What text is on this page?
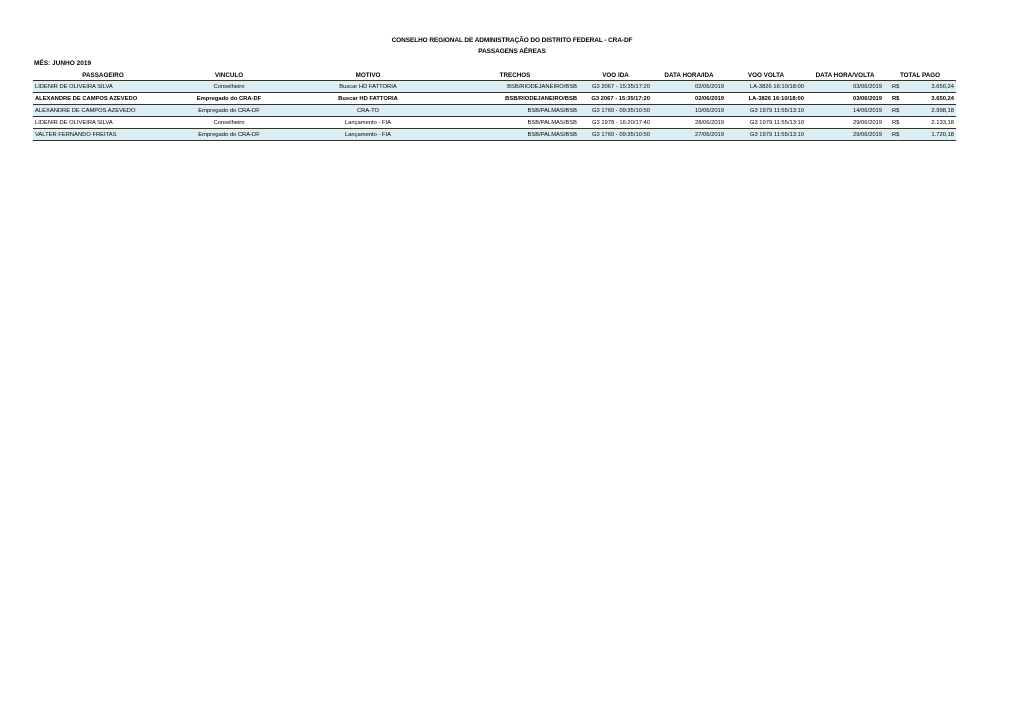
CONSELHO REGIONAL DE ADMINISTRAÇÃO DO DISTRITO FEDERAL - CRA-DF
PASSAGENS AÉREAS
MÊS: JUNHO 2019
PASSAGEIRO	VINCULO	MOTIVO	TRECHOS	VOO IDA	DATA HORA/IDA	VOO VOLTA	DATA HORA/VOLTA	TOTAL PAGO
LIDENIR DE OLIVEIRA SILVA	Conselheiro	Buscar HD FATTORIA	BSB/RIODEJANEIRO/BSB	G3 2067 - 15:35/17:20	02/06/2019	LA-3826 16:10/18:00	03/06/2019	R$ 3.650,24

ALEXANDRE DE CAMPOS AZEVEDO	Empregado do CRA-DF	Buscar HD FATTORIA	BSB/RIODEJANEIRO/BSB	G3 2067 - 15:35/17:20	02/06/2019	LA-3826 16:10/18:00	03/06/2019	R$ 3.650,24

ALEXANDRE DE CAMPOS AZEVEDO	Empregado do CRA-DF	CRA-TO	BSB/PALMAS/BSB	G3 1760 - 09:35/10:50	10/06/2019	G3 1979 11:55/13:10	14/06/2019	R$ 2.998,18

LIDENIR DE OLIVEIRA SILVA	Conselheiro	Lançamento - FIA	BSB/PALMAS/BSB	G3 1978 - 16:20/17:40	28/06/2019	G3 1979 11:55/13:10	29/06/2019	R$ 2.133,18

VALTER FERNANDO FREITAS	Empregado do CRA-DF	Lançamento - FIA	BSB/PALMAS/BSB	G3 1760 - 09:35/10:50	27/06/2019	G3 1979 11:55/13:10	29/06/2019	R$ 1.720,18
